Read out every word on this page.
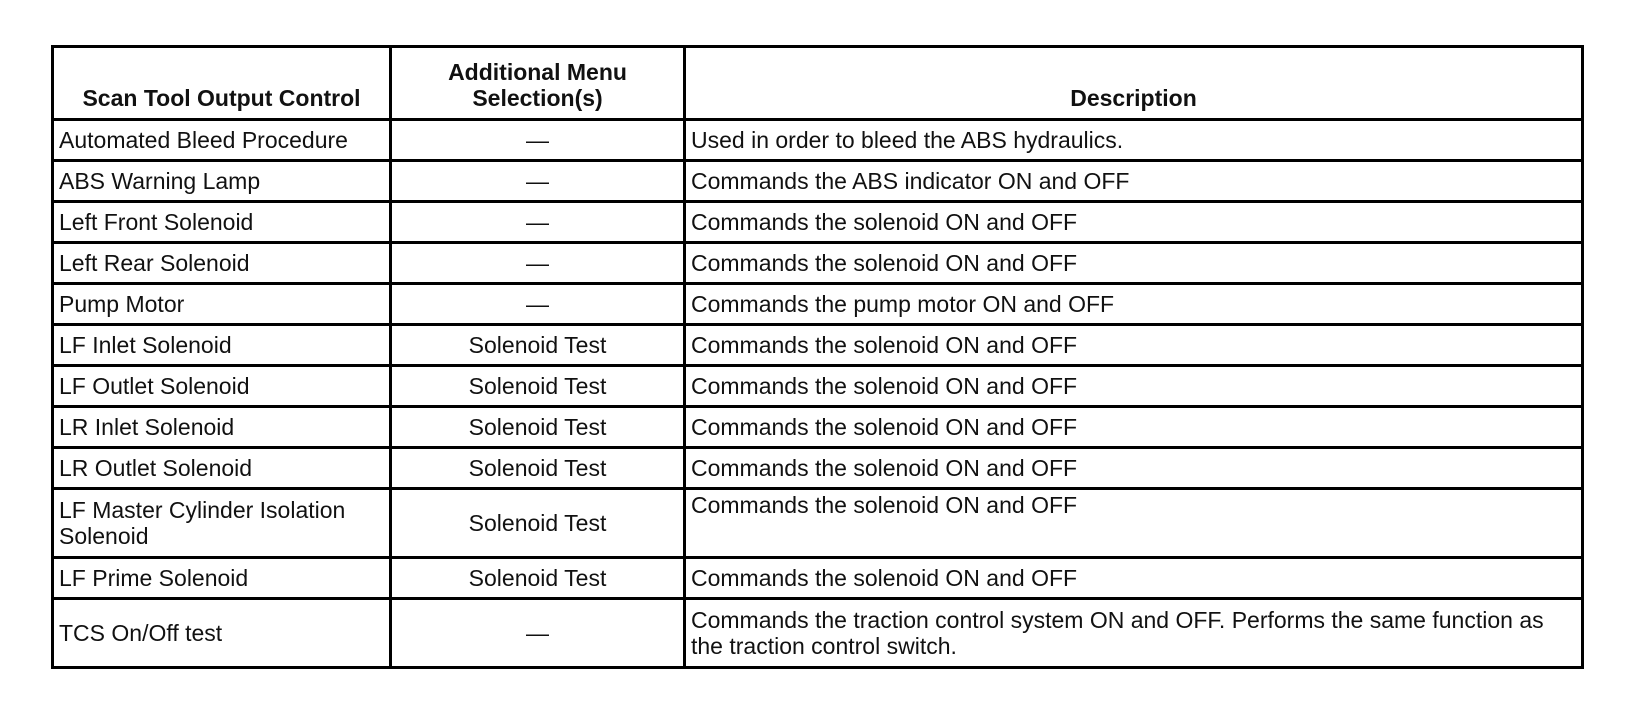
Scan Tool Output Control	Additional Menu Selection(s)	Description
Automated Bleed Procedure	—	Used in order to bleed the ABS hydraulics.
ABS Warning Lamp	—	Commands the ABS indicator ON and OFF
Left Front Solenoid	—	Commands the solenoid ON and OFF
Left Rear Solenoid	—	Commands the solenoid ON and OFF
Pump Motor	—	Commands the pump motor ON and OFF
LF Inlet Solenoid	Solenoid Test	Commands the solenoid ON and OFF
LF Outlet Solenoid	Solenoid Test	Commands the solenoid ON and OFF
LR Inlet Solenoid	Solenoid Test	Commands the solenoid ON and OFF
LR Outlet Solenoid	Solenoid Test	Commands the solenoid ON and OFF
LF Master Cylinder Isolation Solenoid	Solenoid Test	Commands the solenoid ON and OFF
LF Prime Solenoid	Solenoid Test	Commands the solenoid ON and OFF
TCS On/Off test	—	Commands the traction control system ON and OFF. Performs the same function as the traction control switch.
